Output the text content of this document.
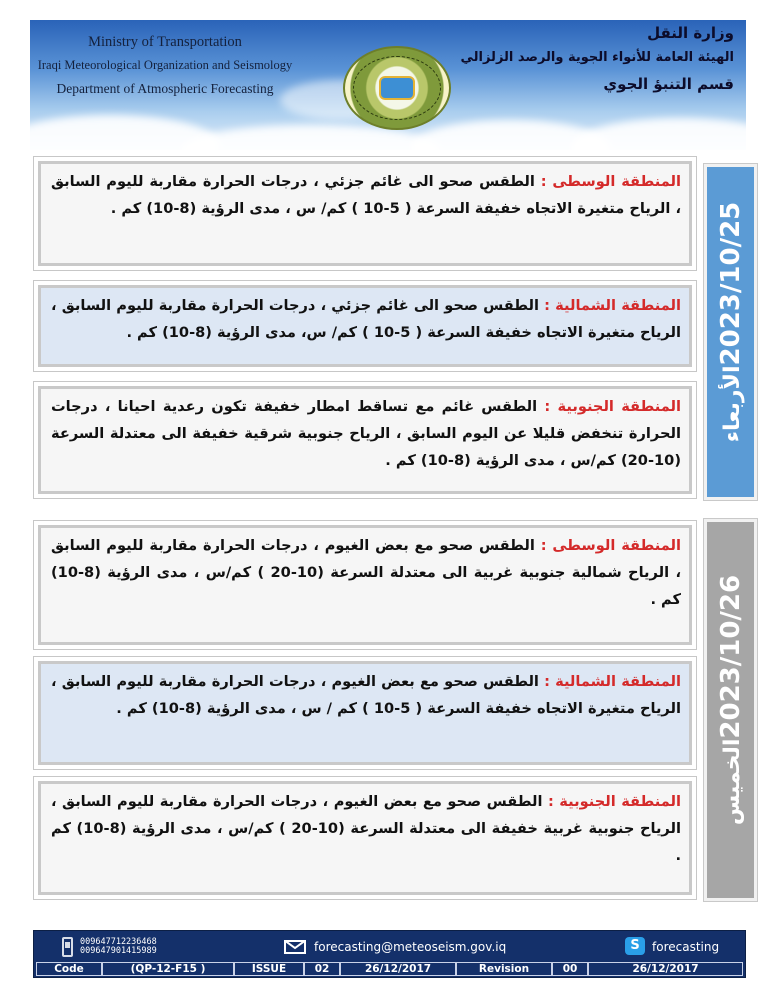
Ministry of Transportation
Iraqi Meteorological Organization and Seismology
Department of Atmospheric Forecasting
وزارة النقل
الهيئة العامة للأنواء الجوية والرصد الزلزالي
قسم التنبؤ الجوي
2023/10/25الأربعاء
2023/10/26الخميس
المنطقة الوسطى : الطقس صحو الى غائم جزئي ، درجات الحرارة مقاربة لليوم السابق ، الرياح متغيرة الاتجاه خفيفة السرعة ( 5-10 ) كم/ س ، مدى الرؤية (8-10) كم .
المنطقة الشمالية : الطقس صحو الى غائم جزئي ، درجات الحرارة مقاربة لليوم السابق ، الرياح متغيرة الاتجاه خفيفة السرعة ( 5-10 ) كم/ س، مدى الرؤية (8-10) كم .
المنطقة الجنوبية : الطقس غائم مع تساقط امطار خفيفة تكون رعدية احيانا ، درجات الحرارة تنخفض قليلا عن اليوم السابق ، الرياح جنوبية شرقية خفيفة الى معتدلة السرعة (10-20) كم/س ، مدى الرؤية (8-10) كم .
المنطقة الوسطى : الطقس صحو مع بعض الغيوم ، درجات الحرارة مقاربة لليوم السابق ، الرياح شمالية جنوبية غربية الى معتدلة السرعة (10-20 ) كم/س ، مدى الرؤية (8-10) كم .
المنطقة الشمالية : الطقس صحو مع بعض الغيوم ، درجات الحرارة مقاربة لليوم السابق ، الرياح متغيرة الاتجاه خفيفة السرعة ( 5-10 ) كم / س ، مدى الرؤية (8-10) كم .
المنطقة الجنوبية : الطقس صحو مع بعض الغيوم ، درجات الحرارة مقاربة لليوم السابق ، الرياح جنوبية غربية خفيفة الى معتدلة السرعة (10-20 ) كم/س ، مدى الرؤية (8-10) كم .
009647712236468
009647901415989	forecasting@meteoseism.gov.iq	S	forecasting
Code	(QP-12-F15 )	ISSUE	02	26/12/2017	Revision	00	26/12/2017
